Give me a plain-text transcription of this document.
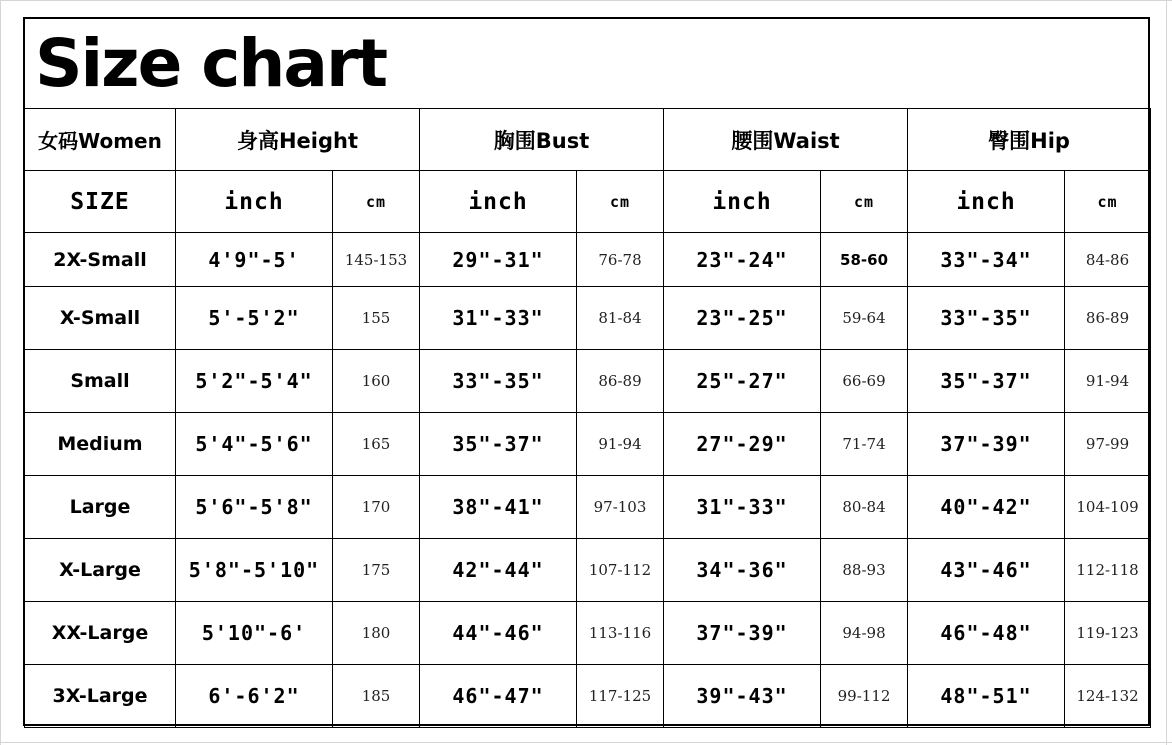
Size chart
女码Women	身高Height		胸围Bust		腰围Waist		臀围Hip	
SIZE	inch	cm	inch	cm	inch	cm	inch	cm
2X-Small	4'9"-5'	145-153	29"-31"	76-78	23"-24"	58-60	33"-34"	84-86
X-Small	5'-5'2"	155	31"-33"	81-84	23"-25"	59-64	33"-35"	86-89
Small	5'2"-5'4"	160	33"-35"	86-89	25"-27"	66-69	35"-37"	91-94
Medium	5'4"-5'6"	165	35"-37"	91-94	27"-29"	71-74	37"-39"	97-99
Large	5'6"-5'8"	170	38"-41"	97-103	31"-33"	80-84	40"-42"	104-109
X-Large	5'8"-5'10"	175	42"-44"	107-112	34"-36"	88-93	43"-46"	112-118
XX-Large	5'10"-6'	180	44"-46"	113-116	37"-39"	94-98	46"-48"	119-123
3X-Large	6'-6'2"	185	46"-47"	117-125	39"-43"	99-112	48"-51"	124-132
